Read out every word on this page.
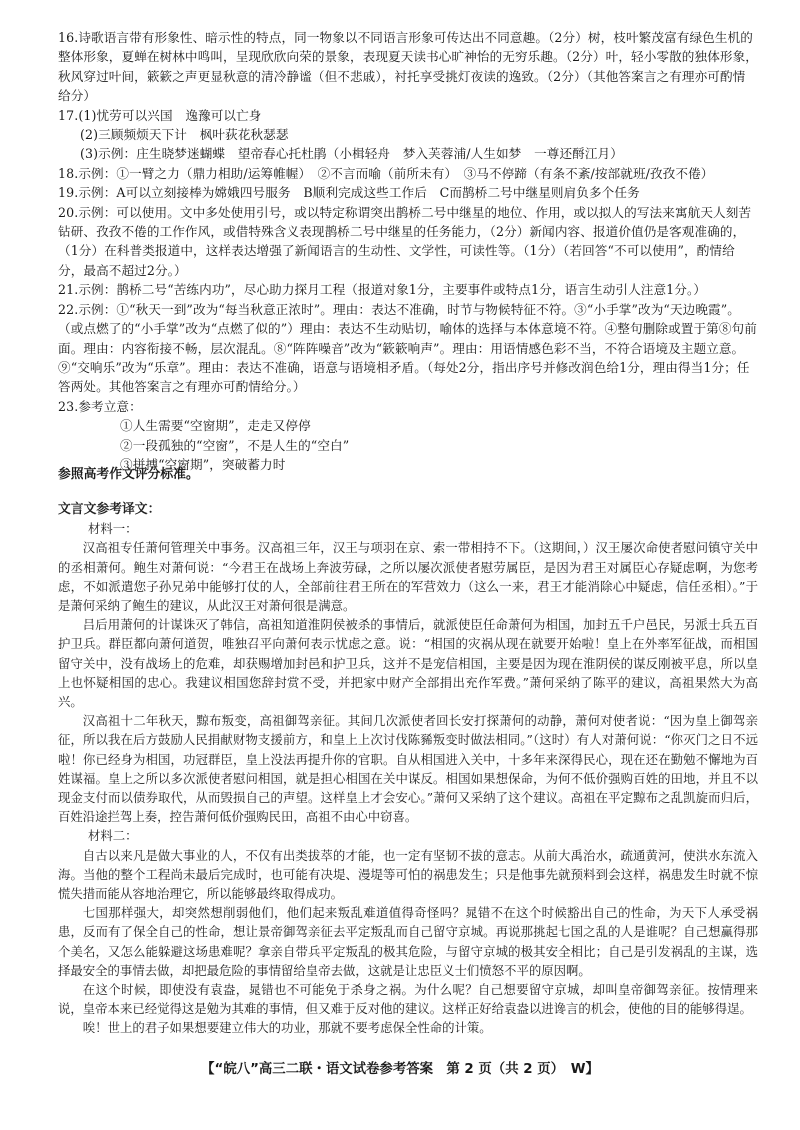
16.诗歌语言带有形象性、暗示性的特点，同一物象以不同语言形象可传达出不同意趣。（2分）树，枝叶繁茂富有绿色生机的整体形象，夏蝉在树林中鸣叫，呈现欣欣向荣的景象，表现夏天读书心旷神怡的无穷乐趣。（2分）叶，轻小零散的独体形象，秋风穿过叶间，簌簌之声更显秋意的清冷静谧（但不悲戚），衬托享受挑灯夜读的逸致。（2分）（其他答案言之有理亦可酌情给分）

17.(1)忧劳可以兴国　逸豫可以亡身

(2)三顾频烦天下计　枫叶荻花秋瑟瑟

(3)示例：庄生晓梦迷蝴蝶　望帝春心托杜鹃（小楫轻舟　梦入芙蓉浦/人生如梦　一尊还酹江月）

18.示例：①一臂之力（鼎力相助/运筹帷幄）　②不言而喻（前所未有）　③马不停蹄（有条不紊/按部就班/孜孜不倦）

19.示例：A可以立刻接棒为嫦娥四号服务　B顺利完成这些工作后　C而鹊桥二号中继星则肩负多个任务

20.示例：可以使用。文中多处使用引号，或以特定称谓突出鹊桥二号中继星的地位、作用，或以拟人的写法来寓航天人刻苦钻研、孜孜不倦的工作作风，或借特殊含义表现鹊桥二号中继星的任务能力，（2分）新闻内容、报道价值仍是客观准确的，（1分）在科普类报道中，这样表达增强了新闻语言的生动性、文学性，可读性等。（1分）（若回答“不可以使用”，酌情给分，最高不超过2分。）

21.示例：鹊桥二号“苦练内功”，尽心助力探月工程（报道对象1分，主要事件或特点1分，语言生动引人注意1分。）

22.示例：①“秋天一到”改为“每当秋意正浓时”。理由：表达不准确，时节与物候特征不符。③“小手掌”改为“天边晚霞”。（或点燃了的“小手掌”改为“点燃了似的”）理由：表达不生动贴切，喻体的选择与本体意境不符。④整句删除或置于第⑧句前面。理由：内容衔接不畅，层次混乱。⑧“阵阵噪音”改为“簌簌响声”。理由：用语情感色彩不当，不符合语境及主题立意。⑨“交响乐”改为“乐章”。理由：表达不准确，语意与语境相矛盾。（每处2分，指出序号并修改润色给1分，理由得当1分；任答两处。其他答案言之有理亦可酌情给分。）

23.参考立意：

①人生需要“空窗期”，走走又停停

②一段孤独的“空窗”，不是人生的“空白”

③拼搏“空窗期”，突破蓄力时

参照高考作文评分标准。

文言文参考译文：

材料一：

汉高祖专任萧何管理关中事务。汉高祖三年，汉王与项羽在京、索一带相持不下。（这期间，）汉王屡次命使者慰问镇守关中的丞相萧何。鲍生对萧何说：“今君王在战场上奔波劳碌，之所以屡次派使者慰劳属臣，是因为君王对属臣心存疑虑啊，为您考虑，不如派遣您子孙兄弟中能够打仗的人，全部前往君王所在的军营效力（这么一来，君王才能消除心中疑虑，信任丞相）。”于是萧何采纳了鲍生的建议，从此汉王对萧何很是满意。

吕后用萧何的计谋诛灭了韩信，高祖知道淮阴侯被杀的事情后，就派使臣任命萧何为相国，加封五千户邑民，另派士兵五百护卫兵。群臣都向萧何道贺，唯独召平向萧何表示忧虑之意。说：“相国的灾祸从现在就要开始啦！皇上在外率军征战，而相国留守关中，没有战场上的危难，却获赐增加封邑和护卫兵，这并不是宠信相国，主要是因为现在淮阴侯的谋反刚被平息，所以皇上也怀疑相国的忠心。我建议相国您辞封赏不受，并把家中财产全部捐出充作军费。”萧何采纳了陈平的建议，高祖果然大为高兴。

汉高祖十二年秋天，黥布叛变，高祖御驾亲征。其间几次派使者回长安打探萧何的动静，萧何对使者说：“因为皇上御驾亲征，所以我在后方鼓励人民捐献财物支援前方，和皇上上次讨伐陈豨叛变时做法相同。”（这时）有人对萧何说：“你灭门之日不远啦！你已经身为相国，功冠群臣，皇上没法再提升你的官职。自从相国进入关中，十多年来深得民心，现在还在勤勉不懈地为百姓谋福。皇上之所以多次派使者慰问相国，就是担心相国在关中谋反。相国如果想保命，为何不低价强购百姓的田地，并且不以现金支付而以债券取代，从而毁损自己的声望。这样皇上才会安心。”萧何又采纳了这个建议。高祖在平定黥布之乱凯旋而归后，百姓沿途拦驾上奏，控告萧何低价强购民田，高祖不由心中窃喜。

材料二：

自古以来凡是做大事业的人，不仅有出类拔萃的才能，也一定有坚韧不拔的意志。从前大禹治水，疏通黄河，使洪水东流入海。当他的整个工程尚未最后完成时，也可能有决堤、漫堤等可怕的祸患发生；只是他事先就预料到会这样，祸患发生时就不惊慌失措而能从容地治理它，所以能够最终取得成功。

七国那样强大，却突然想削弱他们，他们起来叛乱难道值得奇怪吗？晁错不在这个时候豁出自己的性命，为天下人承受祸患，反而有了保全自己的性命，想让景帝御驾亲征去平定叛乱而自己留守京城。再说那挑起七国之乱的人是谁呢？自己想赢得那个美名，又怎么能躲避这场患难呢？拿亲自带兵平定叛乱的极其危险，与留守京城的极其安全相比；自己是引发祸乱的主谋，选择最安全的事情去做，却把最危险的事情留给皇帝去做，这就是让忠臣义士们愤怒不平的原因啊。

在这个时候，即使没有袁盎，晁错也不可能免于杀身之祸。为什么呢？自己想要留守京城，却叫皇帝御驾亲征。按情理来说，皇帝本来已经觉得这是勉为其难的事情，但又难于反对他的建议。这样正好给袁盎以进谗言的机会，使他的目的能够得逞。

唉！世上的君子如果想要建立伟大的功业，那就不要考虑保全性命的计策。

【“皖八”高三二联・语文试卷参考答案　第 2 页（共 2 页）　W】
